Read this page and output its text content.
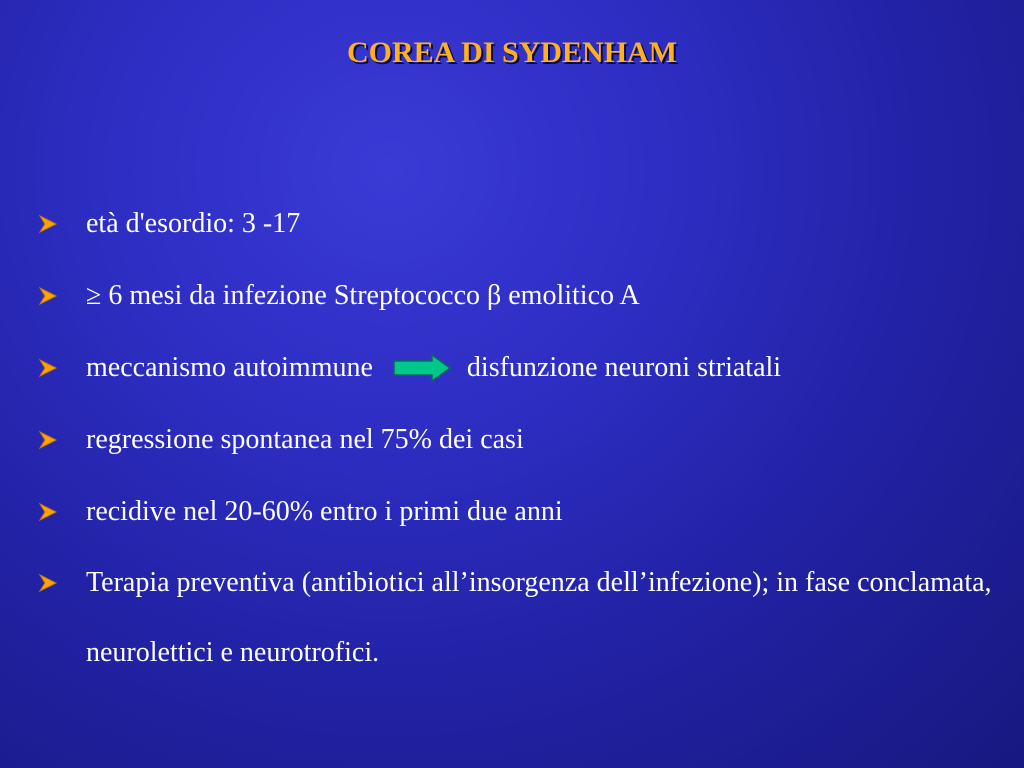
COREA DI SYDENHAM
età d'esordio: 3 -17
≥ 6 mesi da infezione Streptococco β emolitico A
meccanismo autoimmune	disfunzione neuroni striatali
regressione spontanea nel 75% dei casi
recidive nel 20-60% entro i primi due anni
Terapia preventiva (antibiotici all’insorgenza dell’infezione); in fase conclamata, neurolettici e neurotrofici.
